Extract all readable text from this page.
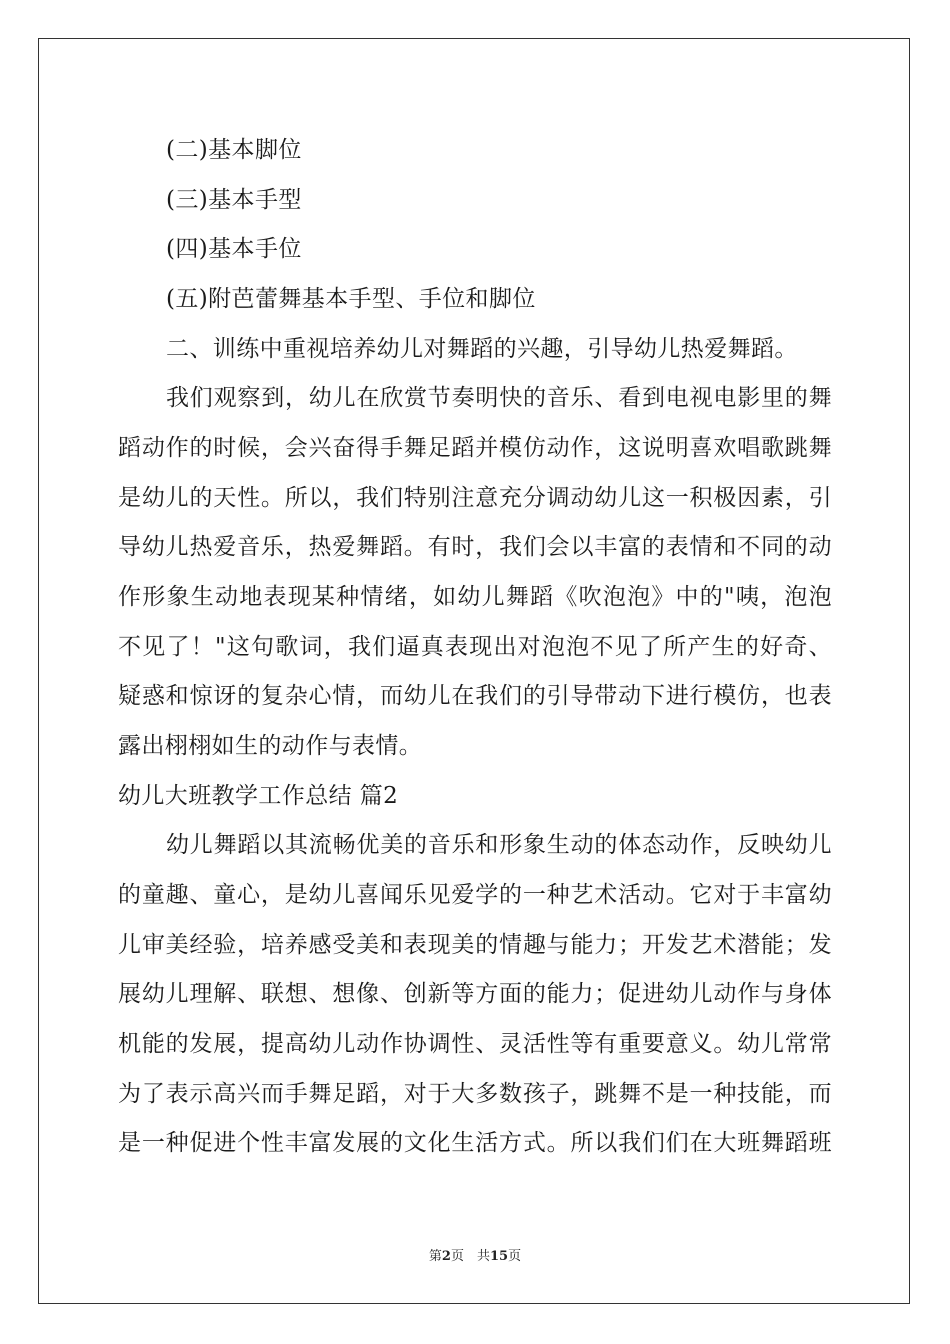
(二)基本脚位
(三)基本手型
(四)基本手位
(五)附芭蕾舞基本手型、手位和脚位
二、训练中重视培养幼儿对舞蹈的兴趣，引导幼儿热爱舞蹈。
我们观察到，幼儿在欣赏节奏明快的音乐、看到电视电影里的舞
蹈动作的时候，会兴奋得手舞足蹈并模仿动作，这说明喜欢唱歌跳舞
是幼儿的天性。所以，我们特别注意充分调动幼儿这一积极因素，引
导幼儿热爱音乐，热爱舞蹈。有时，我们会以丰富的表情和不同的动
作形象生动地表现某种情绪，如幼儿舞蹈《吹泡泡》中的"咦，泡泡
不见了！"这句歌词，我们逼真表现出对泡泡不见了所产生的好奇、
疑惑和惊讶的复杂心情，而幼儿在我们的引导带动下进行模仿，也表
露出栩栩如生的动作与表情。
幼儿大班教学工作总结 篇2
幼儿舞蹈以其流畅优美的音乐和形象生动的体态动作，反映幼儿
的童趣、童心，是幼儿喜闻乐见爱学的一种艺术活动。它对于丰富幼
儿审美经验，培养感受美和表现美的情趣与能力；开发艺术潜能；发
展幼儿理解、联想、想像、创新等方面的能力；促进幼儿动作与身体
机能的发展，提高幼儿动作协调性、灵活性等有重要意义。幼儿常常
为了表示高兴而手舞足蹈，对于大多数孩子，跳舞不是一种技能，而
是一种促进个性丰富发展的文化生活方式。所以我们们在大班舞蹈班
第2页　共15页
